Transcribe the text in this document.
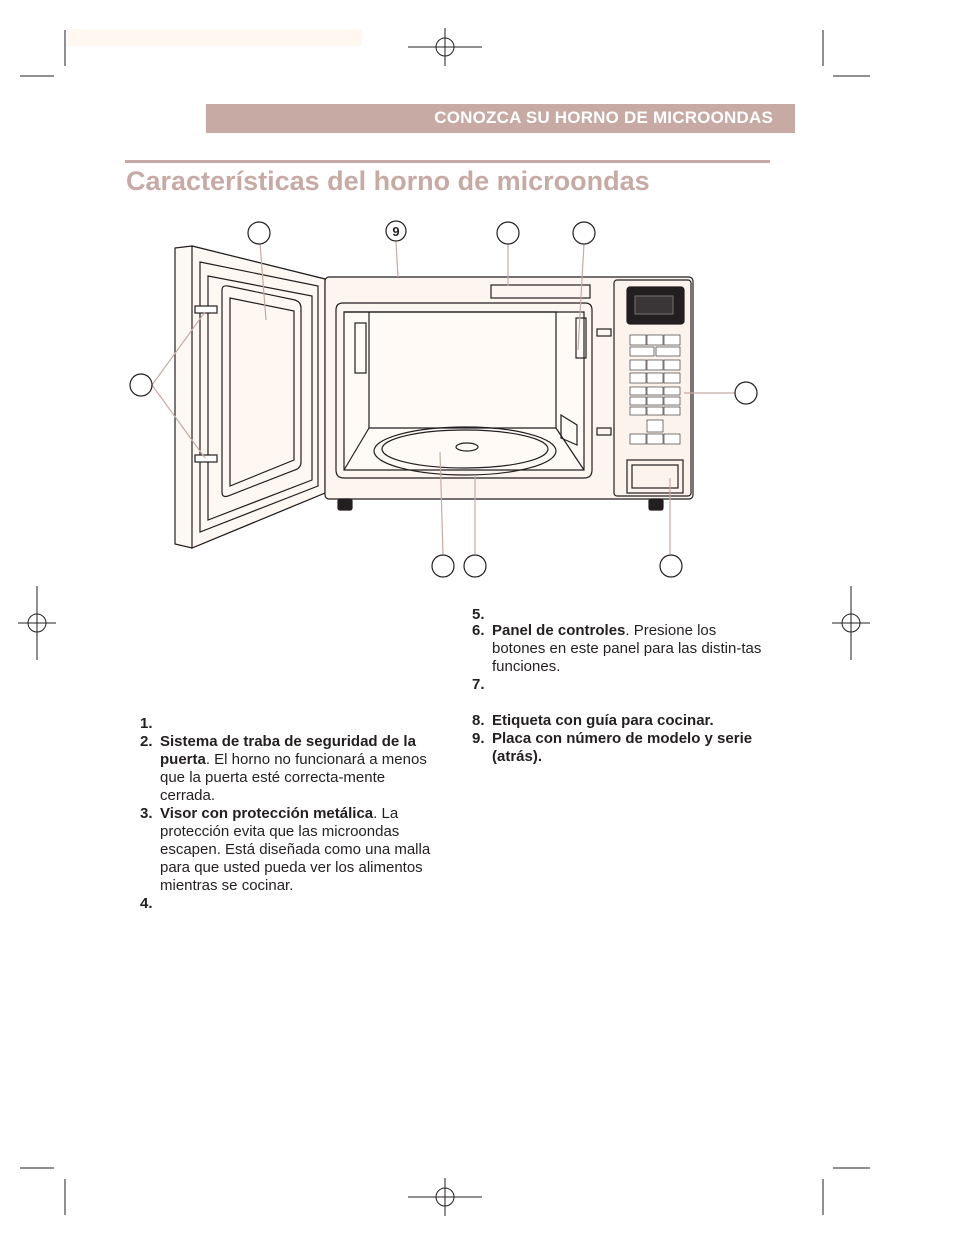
CONOZCA SU HORNO DE MICROONDAS
Características del horno de microondas
9
5.
6. Panel de controles. Presione los botones en este panel para las distin-tas funciones.
7.
8. Etiqueta con guía para cocinar.
9. Placa con número de modelo y serie (atrás).
1.
2. Sistema de traba de seguridad de la puerta. El horno no funcionará a menos que la puerta esté correcta-mente cerrada.
3. Visor con protección metálica. La protección evita que las microondas escapen. Está diseñada como una malla para que usted pueda ver los alimentos mientras se cocinar.
4.
